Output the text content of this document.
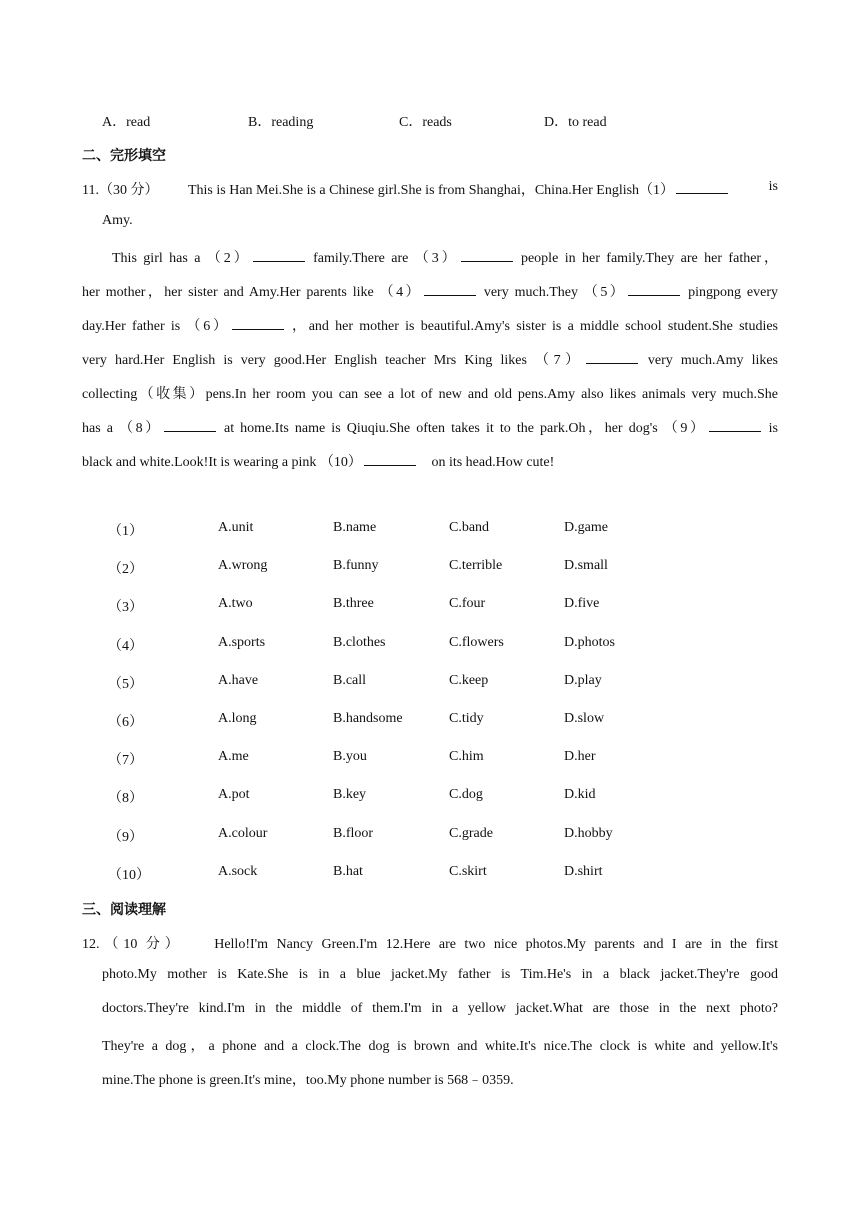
A．read	B．reading	C．reads	D．to read
二、完形填空
11.（30 分） This is Han Mei.She is a Chinese girl.She is from Shanghai，China.Her English（1）	is
Amy.
This girl has a （2）	family.There are （3）	people in her family.They are her father，
her mother，her sister and Amy.Her parents like （4）	very much.They （5）	pingpong every
day.Her father is （6）	，and her mother is beautiful.Amy's sister is a middle school student.She studies
very hard.Her English is very good.Her English teacher Mrs King likes （7）	very much.Amy likes
collecting（收集）pens.In her room you can see a lot of new and old pens.Amy also likes animals very much.She
has a （8）	at home.Its name is Qiuqiu.She often takes it to the park.Oh，her dog's （9）	is
black and white.Look!It is wearing a pink （10）	on its head.How cute!
（1）	A.unit	B.name	C.band	D.game
（2）	A.wrong	B.funny	C.terrible	D.small
（3）	A.two	B.three	C.four	D.five
（4）	A.sports	B.clothes	C.flowers	D.photos
（5）	A.have	B.call	C.keep	D.play
（6）	A.long	B.handsome	C.tidy	D.slow
（7）	A.me	B.you	C.him	D.her
（8）	A.pot	B.key	C.dog	D.kid
（9）	A.colour	B.floor	C.grade	D.hobby
（10）	A.sock	B.hat	C.skirt	D.shirt
三、阅读理解
12.（10 分） Hello!I'm Nancy Green.I'm 12.Here are two nice photos.My parents and I are in the first
photo.My mother is Kate.She is in a blue jacket.My father is Tim.He's in a black jacket.They're good
doctors.They're kind.I'm in the middle of them.I'm in a yellow jacket.What are those in the next photo?
They're a dog，a phone and a clock.The dog is brown and white.It's nice.The clock is white and yellow.It's
mine.The phone is green.It's mine，too.My phone number is 568﹣0359.
